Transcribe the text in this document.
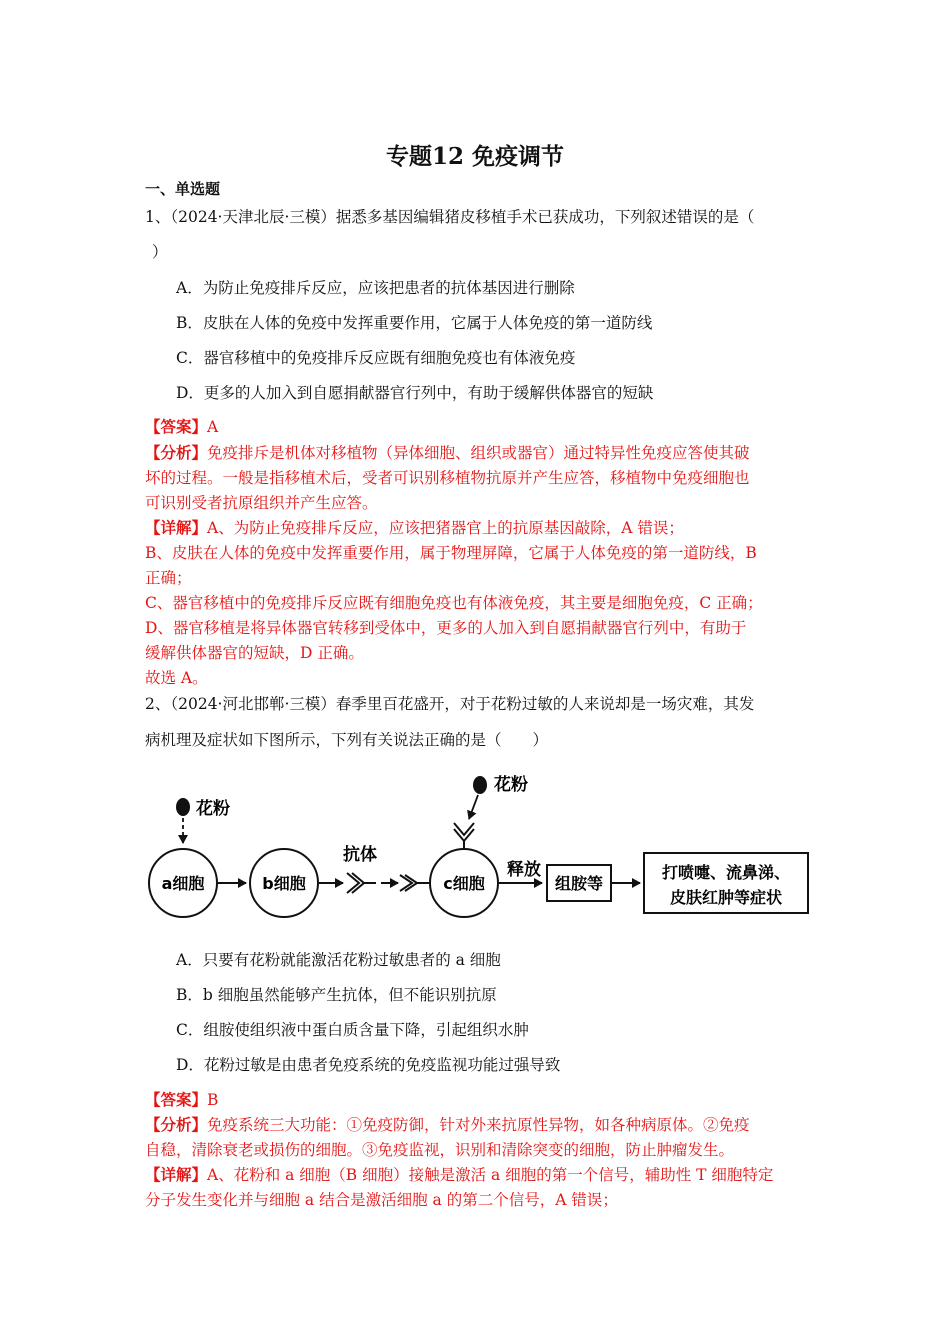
专题12 免疫调节
一、单选题
1、（2024·天津北辰·三模）据悉多基因编辑猪皮移植手术已获成功，下列叙述错误的是（
）
A．为防止免疫排斥反应，应该把患者的抗体基因进行删除
B．皮肤在人体的免疫中发挥重要作用，它属于人体免疫的第一道防线
C．器官移植中的免疫排斥反应既有细胞免疫也有体液免疫
D．更多的人加入到自愿捐献器官行列中，有助于缓解供体器官的短缺
【答案】A
【分析】免疫排斥是机体对移植物（异体细胞、组织或器官）通过特异性免疫应答使其破
坏的过程。一般是指移植术后，受者可识别移植物抗原并产生应答，移植物中免疫细胞也
可识别受者抗原组织并产生应答。
【详解】A、为防止免疫排斥反应，应该把猪器官上的抗原基因敲除，A 错误；
B、皮肤在人体的免疫中发挥重要作用，属于物理屏障，它属于人体免疫的第一道防线，B
正确；
C、器官移植中的免疫排斥反应既有细胞免疫也有体液免疫，其主要是细胞免疫，C 正确；
D、器官移植是将异体器官转移到受体中，更多的人加入到自愿捐献器官行列中，有助于
缓解供体器官的短缺，D 正确。
故选 A。
2、（2024·河北邯郸·三模）春季里百花盛开，对于花粉过敏的人来说却是一场灾难，其发
病机理及症状如下图所示，下列有关说法正确的是（　　）
花粉
a细胞	b细胞
抗体
c细胞
花粉
释放
组胺等
打喷嚏、流鼻涕、
皮肤红肿等症状
A．只要有花粉就能激活花粉过敏患者的 a 细胞
B．b 细胞虽然能够产生抗体，但不能识别抗原
C．组胺使组织液中蛋白质含量下降，引起组织水肿
D．花粉过敏是由患者免疫系统的免疫监视功能过强导致
【答案】B
【分析】免疫系统三大功能：①免疫防御，针对外来抗原性异物，如各种病原体。②免疫
自稳，清除衰老或损伤的细胞。③免疫监视，识别和清除突变的细胞，防止肿瘤发生。
【详解】A、花粉和 a 细胞（B 细胞）接触是激活 a 细胞的第一个信号，辅助性 T 细胞特定
分子发生变化并与细胞 a 结合是激活细胞 a 的第二个信号，A 错误；
